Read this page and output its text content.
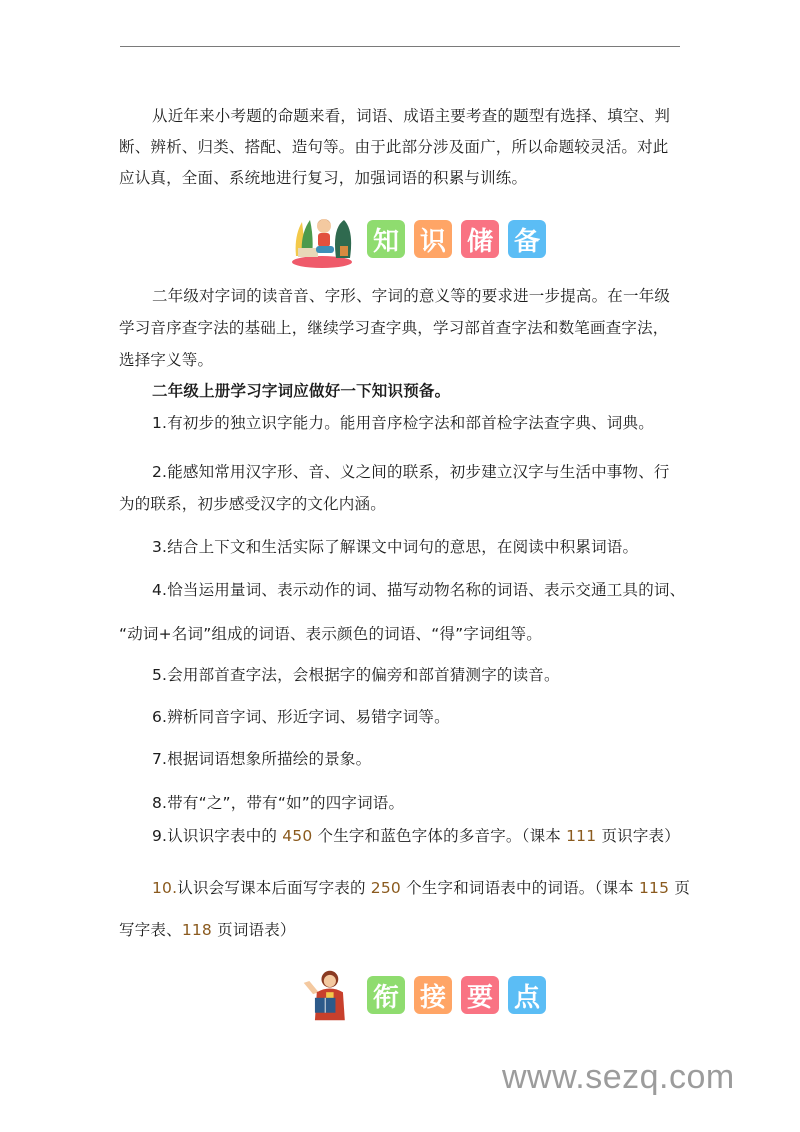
从近年来小考题的命题来看，词语、成语主要考查的题型有选择、填空、判
断、辨析、归类、搭配、造句等。由于此部分涉及面广，所以命题较灵活。对此
应认真，全面、系统地进行复习，加强词语的积累与训练。
知 识 储 备
二年级对字词的读音音、字形、字词的意义等的要求进一步提高。在一年级
学习音序查字法的基础上，继续学习查字典，学习部首查字法和数笔画查字法，
选择字义等。
二年级上册学习字词应做好一下知识预备。
1.有初步的独立识字能力。能用音序检字法和部首检字法查字典、词典。
2.能感知常用汉字形、音、义之间的联系，初步建立汉字与生活中事物、行
为的联系，初步感受汉字的文化内涵。
3.结合上下文和生活实际了解课文中词句的意思，在阅读中积累词语。
4.恰当运用量词、表示动作的词、描写动物名称的词语、表示交通工具的词、
“动词+名词”组成的词语、表示颜色的词语、“得”字词组等。
5.会用部首查字法，会根据字的偏旁和部首猜测字的读音。
6.辨析同音字词、形近字词、易错字词等。
7.根据词语想象所描绘的景象。
8.带有“之”，带有“如”的四字词语。
9.认识识字表中的 450 个生字和蓝色字体的多音字。（课本 111 页识字表）
10.认识会写课本后面写字表的 250 个生字和词语表中的词语。（课本 115 页
写字表、118 页词语表）
衔 接 要 点
www.sezq.com
